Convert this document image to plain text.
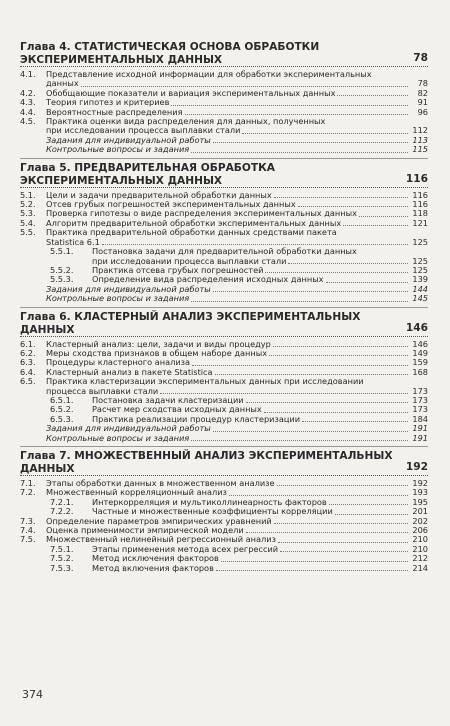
Глава 4. СТАТИСТИЧЕСКАЯ ОСНОВА ОБРАБОТКИ ЭКСПЕРИМЕНТАЛЬНЫХ ДАННЫХ	78
4.1.	Представление исходной информации для обработки экспериментальных
данных	78
4.2.	Обобщающие показатели и вариация экспериментальных данных	82
4.3.	Теория гипотез и критериев	91
4.4.	Вероятностные распределения	96
4.5.	Практика оценки вида распределения для данных, полученных
при исследовании процесса выплавки стали	112
Задания для индивидуальной работы	113
Контрольные вопросы и задания	115
Глава 5. ПРЕДВАРИТЕЛЬНАЯ ОБРАБОТКА ЭКСПЕРИМЕНТАЛЬНЫХ ДАННЫХ	116
5.1.	Цели и задачи предварительной обработки данных	116
5.2.	Отсев грубых погрешностей экспериментальных данных	116
5.3.	Проверка гипотезы о виде распределения экспериментальных данных	118
5.4.	Алгоритм предварительной обработки экспериментальных данных	121
5.5.	Практика предварительной обработки данных средствами пакета
Statistica 6.1	125
5.5.1.	Постановка задачи для предварительной обработки данных
при исследовании процесса выплавки стали	125
5.5.2.	Практика отсева грубых погрешностей	125
5.5.3.	Определение вида распределения исходных данных	139
Задания для индивидуальной работы	144
Контрольные вопросы и задания	145
Глава 6. КЛАСТЕРНЫЙ АНАЛИЗ ЭКСПЕРИМЕНТАЛЬНЫХ ДАННЫХ	146
6.1.	Кластерный анализ: цели, задачи и виды процедур	146
6.2.	Меры сходства признаков в общем наборе данных	149
6.3.	Процедуры кластерного анализа	159
6.4.	Кластерный анализ в пакете Statistica	168
6.5.	Практика кластеризации экспериментальных данных при исследовании
процесса выплавки стали	173
6.5.1.	Постановка задачи кластеризации	173
6.5.2.	Расчет мер сходства исходных данных	173
6.5.3.	Практика реализации процедур кластеризации	184
Задания для индивидуальной работы	191
Контрольные вопросы и задания	191
Глава 7. МНОЖЕСТВЕННЫЙ АНАЛИЗ ЭКСПЕРИМЕНТАЛЬНЫХ ДАННЫХ	192
7.1.	Этапы обработки данных в множественном анализе	192
7.2.	Множественный корреляционный анализ	193
7.2.1.	Интеркорреляция и мультиколлинеарность факторов	195
7.2.2.	Частные и множественные коэффициенты корреляции	201
7.3.	Определение параметров эмпирических уравнений	202
7.4.	Оценка применимости эмпирической модели	206
7.5.	Множественный нелинейный регрессионный анализ	210
7.5.1.	Этапы применения метода всех регрессий	210
7.5.2.	Метод исключения факторов	212
7.5.3.	Метод включения факторов	214
374
